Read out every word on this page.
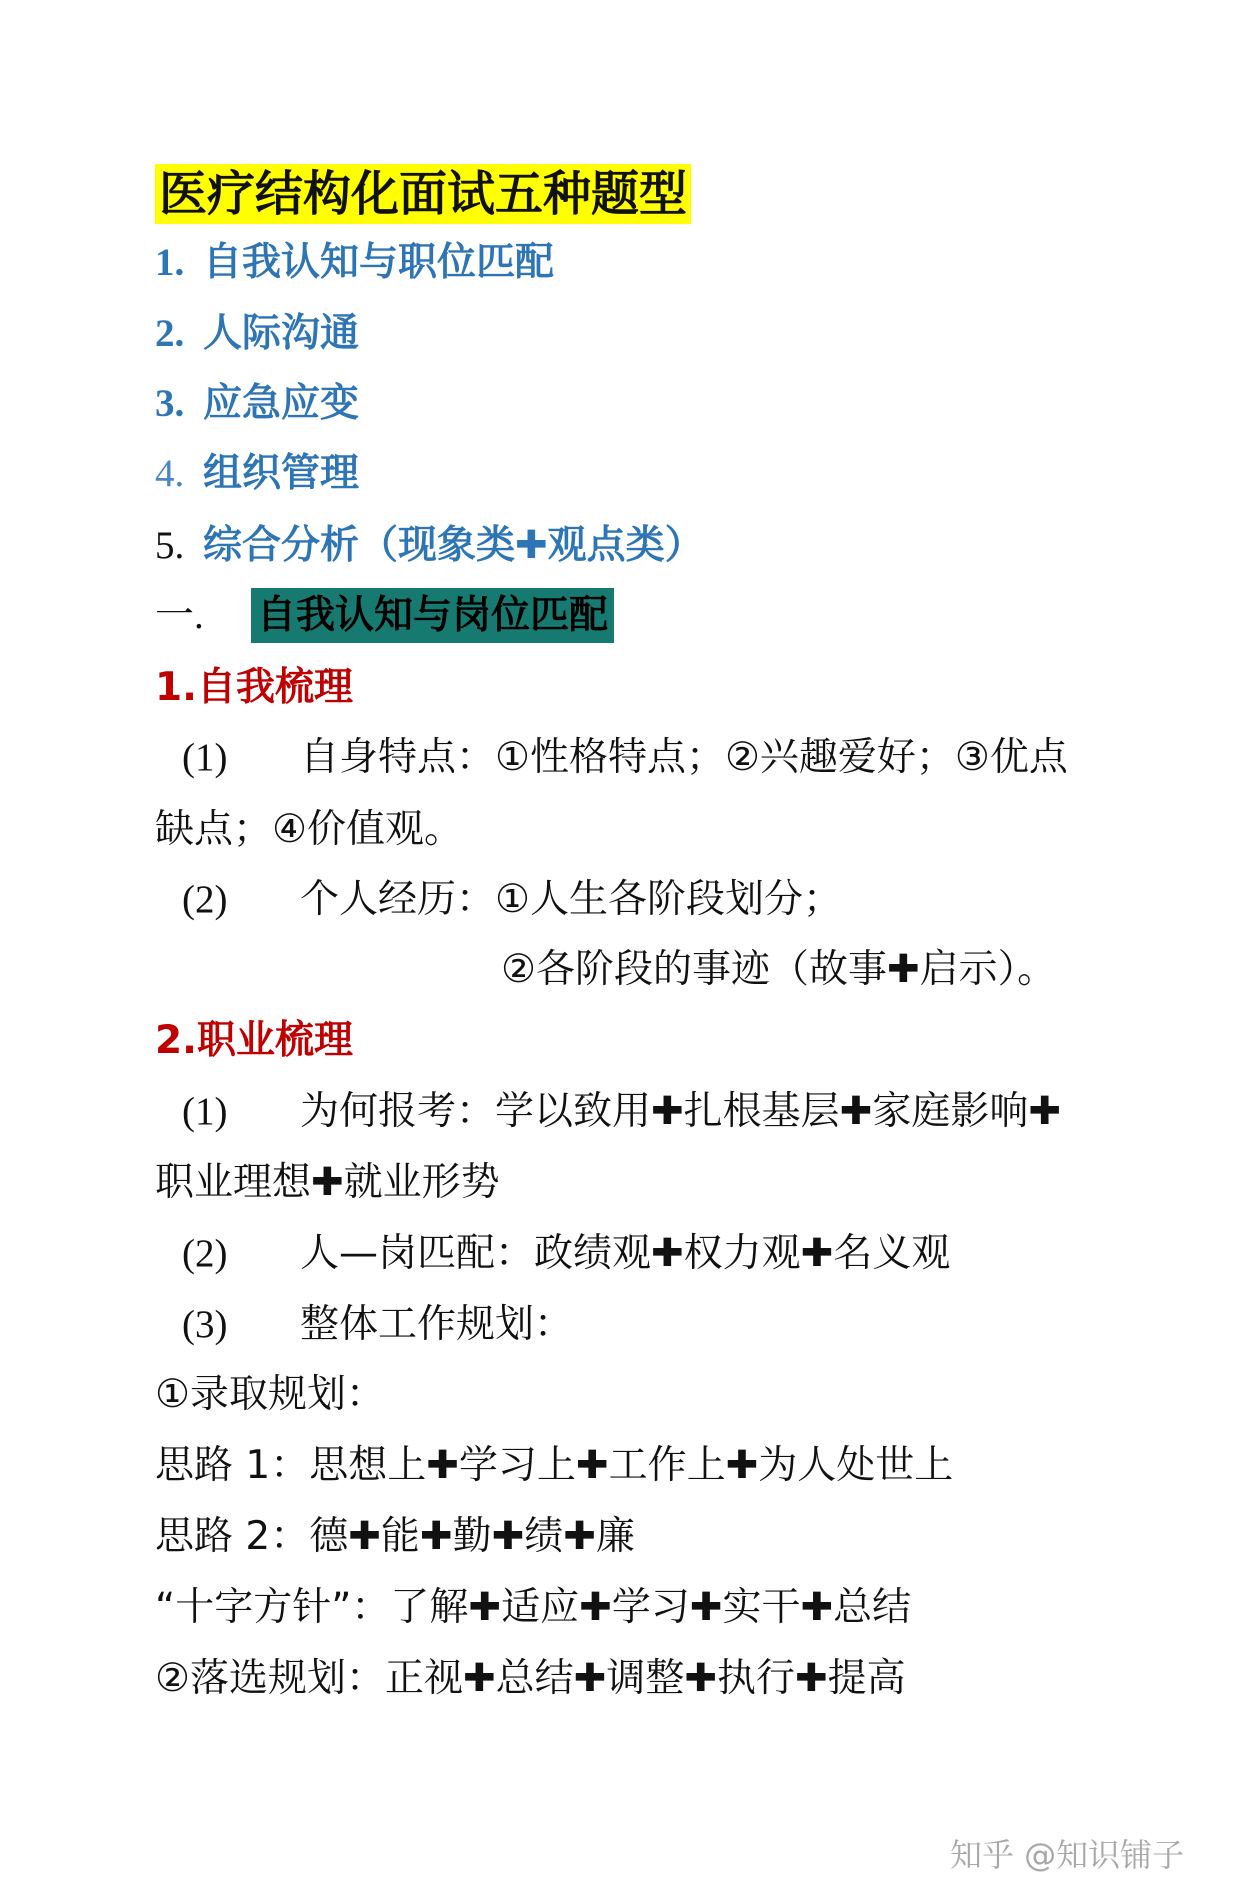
医疗结构化面试五种题型
1. 自我认知与职位匹配
2. 人际沟通
3. 应急应变
4. 组织管理
5. 综合分析（现象类✚观点类）
一. 自我认知与岗位匹配
1.自我梳理
(1) 自身特点：①性格特点；②兴趣爱好；③优点
缺点；④价值观。
(2) 个人经历：①人生各阶段划分；
②各阶段的事迹（故事✚启示）。
2.职业梳理
(1) 为何报考：学以致用✚扎根基层✚家庭影响✚
职业理想✚就业形势
(2) 人—岗匹配：政绩观✚权力观✚名义观
(3) 整体工作规划：
①录取规划：
思路 1：思想上✚学习上✚工作上✚为人处世上
思路 2：德✚能✚勤✚绩✚廉
“十字方针”：了解✚适应✚学习✚实干✚总结
②落选规划：正视✚总结✚调整✚执行✚提高
知乎 @知识铺子
